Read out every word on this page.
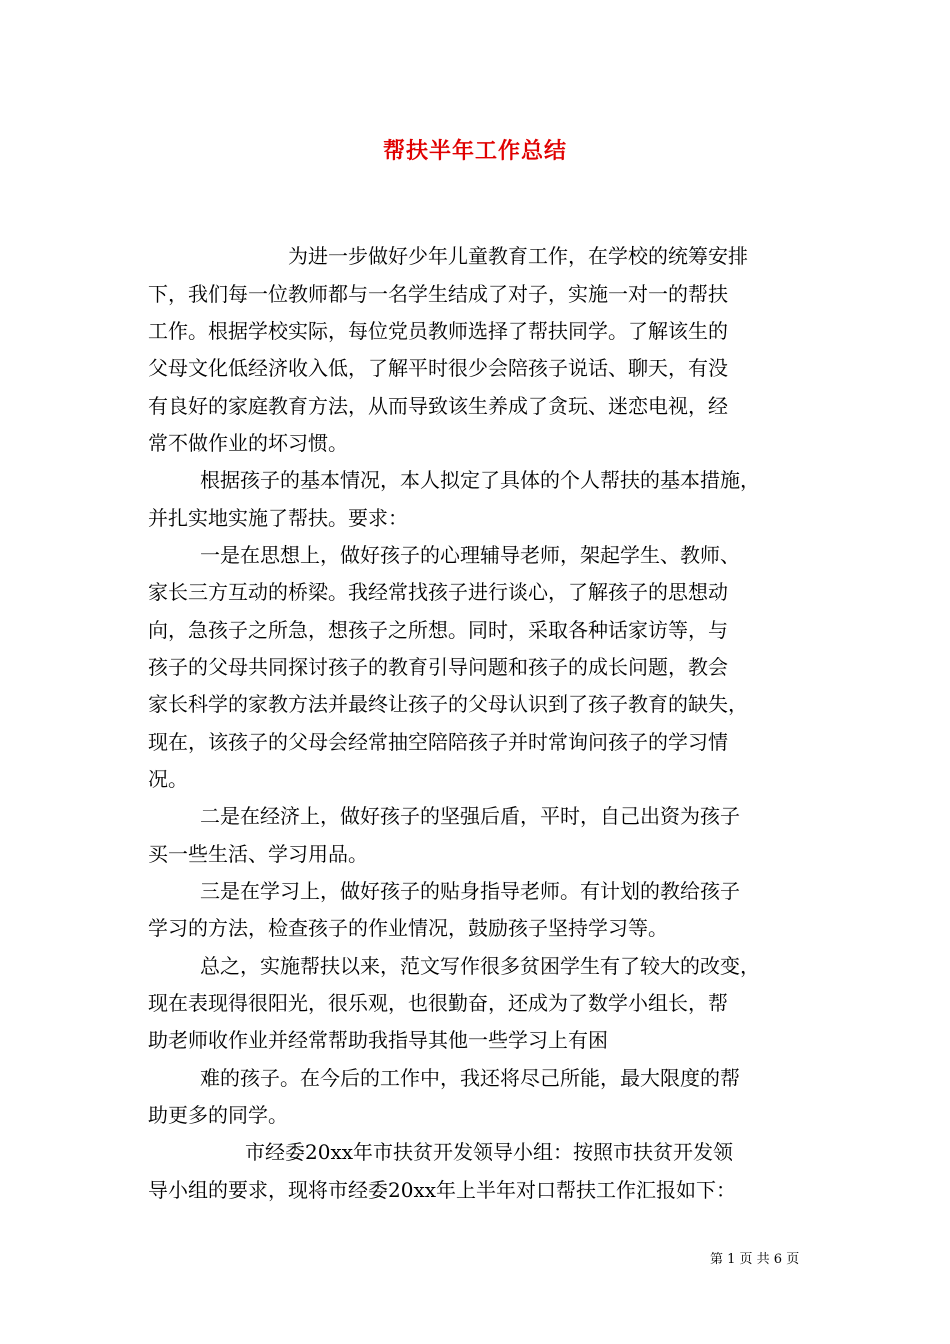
帮扶半年工作总结
为进一步做好少年儿童教育工作，在学校的统筹安排
下，我们每一位教师都与一名学生结成了对子，实施一对一的帮扶
工作。根据学校实际，每位党员教师选择了帮扶同学。了解该生的
父母文化低经济收入低，了解平时很少会陪孩子说话、聊天，有没
有良好的家庭教育方法，从而导致该生养成了贪玩、迷恋电视，经
常不做作业的坏习惯。
根据孩子的基本情况，本人拟定了具体的个人帮扶的基本措施，
并扎实地实施了帮扶。要求：
一是在思想上，做好孩子的心理辅导老师，架起学生、教师、
家长三方互动的桥梁。我经常找孩子进行谈心，了解孩子的思想动
向，急孩子之所急，想孩子之所想。同时，采取各种话家访等，与
孩子的父母共同探讨孩子的教育引导问题和孩子的成长问题，教会
家长科学的家教方法并最终让孩子的父母认识到了孩子教育的缺失，
现在，该孩子的父母会经常抽空陪陪孩子并时常询问孩子的学习情
况。
二是在经济上，做好孩子的坚强后盾，平时，自己出资为孩子
买一些生活、学习用品。
三是在学习上，做好孩子的贴身指导老师。有计划的教给孩子
学习的方法，检查孩子的作业情况，鼓励孩子坚持学习等。
总之，实施帮扶以来，范文写作很多贫困学生有了较大的改变，
现在表现得很阳光，很乐观，也很勤奋，还成为了数学小组长，帮
助老师收作业并经常帮助我指导其他一些学习上有困
难的孩子。在今后的工作中，我还将尽己所能，最大限度的帮
助更多的同学。
市经委20xx年市扶贫开发领导小组：按照市扶贫开发领
导小组的要求，现将市经委20xx年上半年对口帮扶工作汇报如下：
第 1 页 共 6 页
